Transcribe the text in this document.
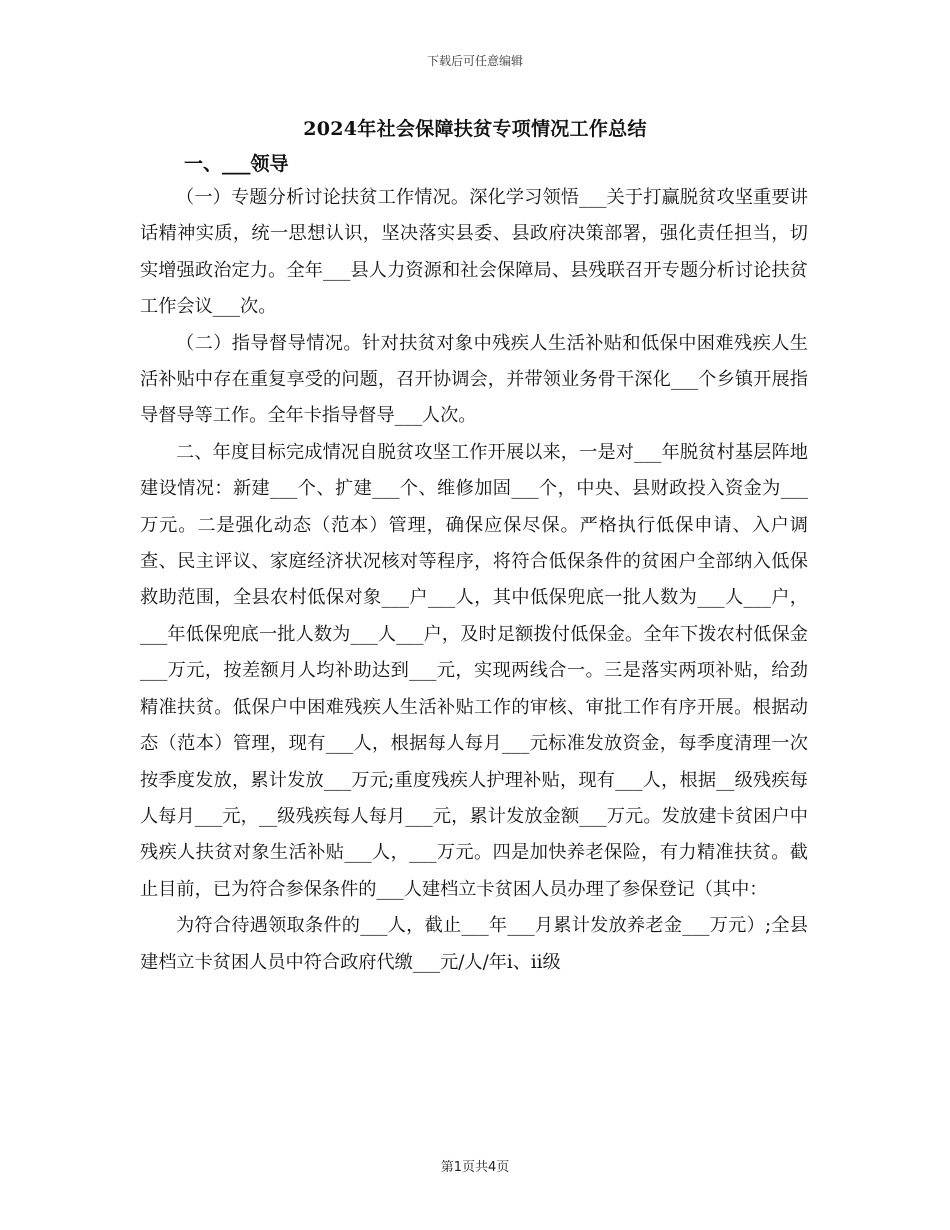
下载后可任意编辑
2024年社会保障扶贫专项情况工作总结
一、___领导

（一）专题分析讨论扶贫工作情况。深化学习领悟___关于打赢脱贫攻坚重要讲话精神实质，统一思想认识，坚决落实县委、县政府决策部署，强化责任担当，切实增强政治定力。全年___县人力资源和社会保障局、县残联召开专题分析讨论扶贫工作会议___次。

（二）指导督导情况。针对扶贫对象中残疾人生活补贴和低保中困难残疾人生活补贴中存在重复享受的问题，召开协调会，并带领业务骨干深化___个乡镇开展指导督导等工作。全年卡指导督导___人次。

二、年度目标完成情况自脱贫攻坚工作开展以来，一是对___年脱贫村基层阵地建设情况：新建___个、扩建___个、维修加固___个，中央、县财政投入资金为___万元。二是强化动态（范本）管理，确保应保尽保。严格执行低保申请、入户调查、民主评议、家庭经济状况核对等程序，将符合低保条件的贫困户全部纳入低保救助范围，全县农村低保对象___户___人，其中低保兜底一批人数为___人___户，___年低保兜底一批人数为___人___户，及时足额拨付低保金。全年下拨农村低保金___万元，按差额月人均补助达到___元，实现两线合一。三是落实两项补贴，给劲精准扶贫。低保户中困难残疾人生活补贴工作的审核、审批工作有序开展。根据动态（范本）管理，现有___人，根据每人每月___元标准发放资金，每季度清理一次按季度发放，累计发放___万元;重度残疾人护理补贴，现有___人，根据__级残疾每人每月___元，__级残疾每人每月___元，累计发放金额___万元。发放建卡贫困户中残疾人扶贫对象生活补贴___人，___万元。四是加快养老保险，有力精准扶贫。截止目前，已为符合参保条件的___人建档立卡贫困人员办理了参保登记（其中：

为符合待遇领取条件的___人，截止___年___月累计发放养老金___万元）;全县建档立卡贫困人员中符合政府代缴___元/人/年ⅰ、ⅱ级

第1页共4页
